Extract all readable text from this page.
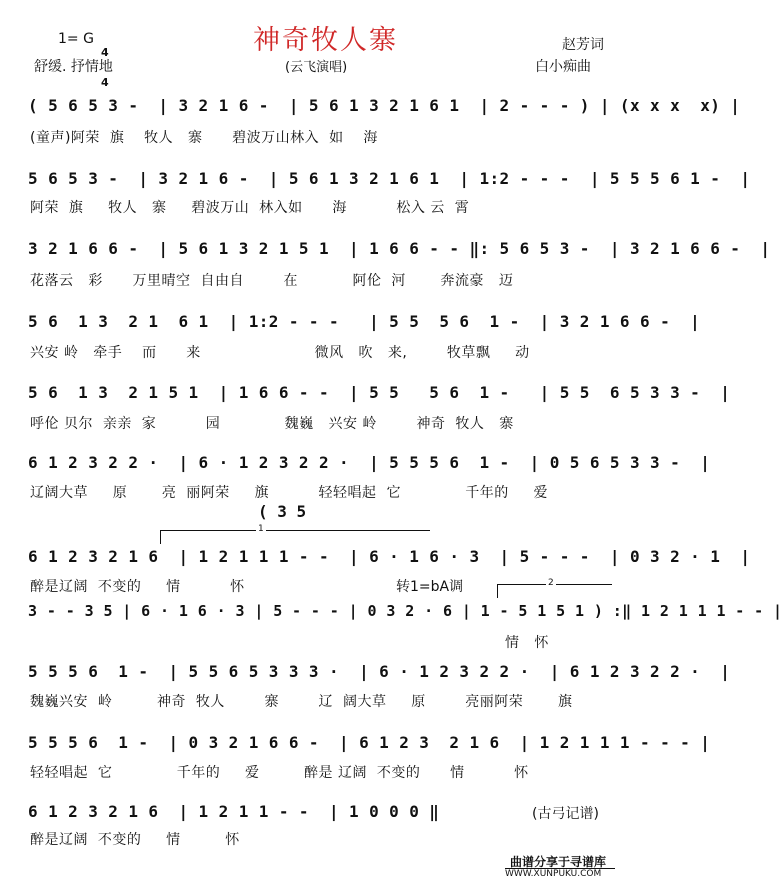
神奇牧人寨
1= G

4

4

舒缓. 抒情地	(云飞演唱)
赵芳词
白小痴曲
( 5 6 5 3 -  | 3 2 1 6 -  | 5 6 1 3 2 1 6 1  | 2 - - - ) | (x x x  x) |
(童声)阿荣  旗    牧人   寨      碧波万山林入  如    海
5 6 5 3 -  | 3 2 1 6 -  | 5 6 1 3 2 1 6 1  | 1:2 - - -  | 5 5 5 6 1 -  |
阿荣  旗     牧人   寨     碧波万山  林入如      海          松入 云  霄
3 2 1 6 6 -  | 5 6 1 3 2 1 5 1  | 1 6 6 - - ‖: 5 6 5 3 -  | 3 2 1 6 6 -  |
花落云   彩      万里晴空  自由自        在           阿伦  河       奔流豪   迈
5 6  1 3  2 1  6 1  | 1:2 - - -   | 5 5  5 6  1 -  | 3 2 1 6 6 -  |
兴安 岭   牵手    而      来                       微风   吹   来,        牧草飘     动
5 6  1 3  2 1 5 1  | 1 6 6 - -  | 5 5   5 6  1 -   | 5 5  6 5 3 3 -  |
呼伦 贝尔  亲亲  家          园             魏巍   兴安 岭        神奇  牧人   寨
6 1 2 3 2 2 ·  | 6 · 1 2 3 2 2 ·  | 5 5 5 6  1 -  | 0 5 6 5 3 3 -  |
辽阔大草     原       亮  丽阿荣     旗          轻轻唱起  它             千年的     爱
( 3 5
1
6 1 2 3 2 1 6  | 1 2 1 1 1 - -  | 6 · 1 6 · 3  | 5 - - -  | 0 3 2 · 1  |
醉是辽阔  不变的     情          怀	转1=bA调	2
3 - - 3 5 | 6 · 1 6 · 3 | 5 - - - | 0 3 2 · 6 | 1 - 5 1 5 1 ) :‖ 1 2 1 1 1 - - |
情   怀
5 5 5 6  1 -  | 5 5 6 5 3 3 3 ·  | 6 · 1 2 3 2 2 ·  | 6 1 2 3 2 2 ·  |
魏巍兴安  岭         神奇  牧人        寨        辽  阔大草     原        亮丽阿荣       旗
5 5 5 6  1 -  | 0 3 2 1 6 6 -  | 6 1 2 3  2 1 6  | 1 2 1 1 1 - - - |
轻轻唱起  它             千年的     爱         醉是 辽阔  不变的      情          怀
6 1 2 3 2 1 6  | 1 2 1 1 - -  | 1 0 0 0 ‖
醉是辽阔  不变的     情         怀
(古弓记谱)
曲谱分享于寻谱库
WWW.XUNPUKU.COM
